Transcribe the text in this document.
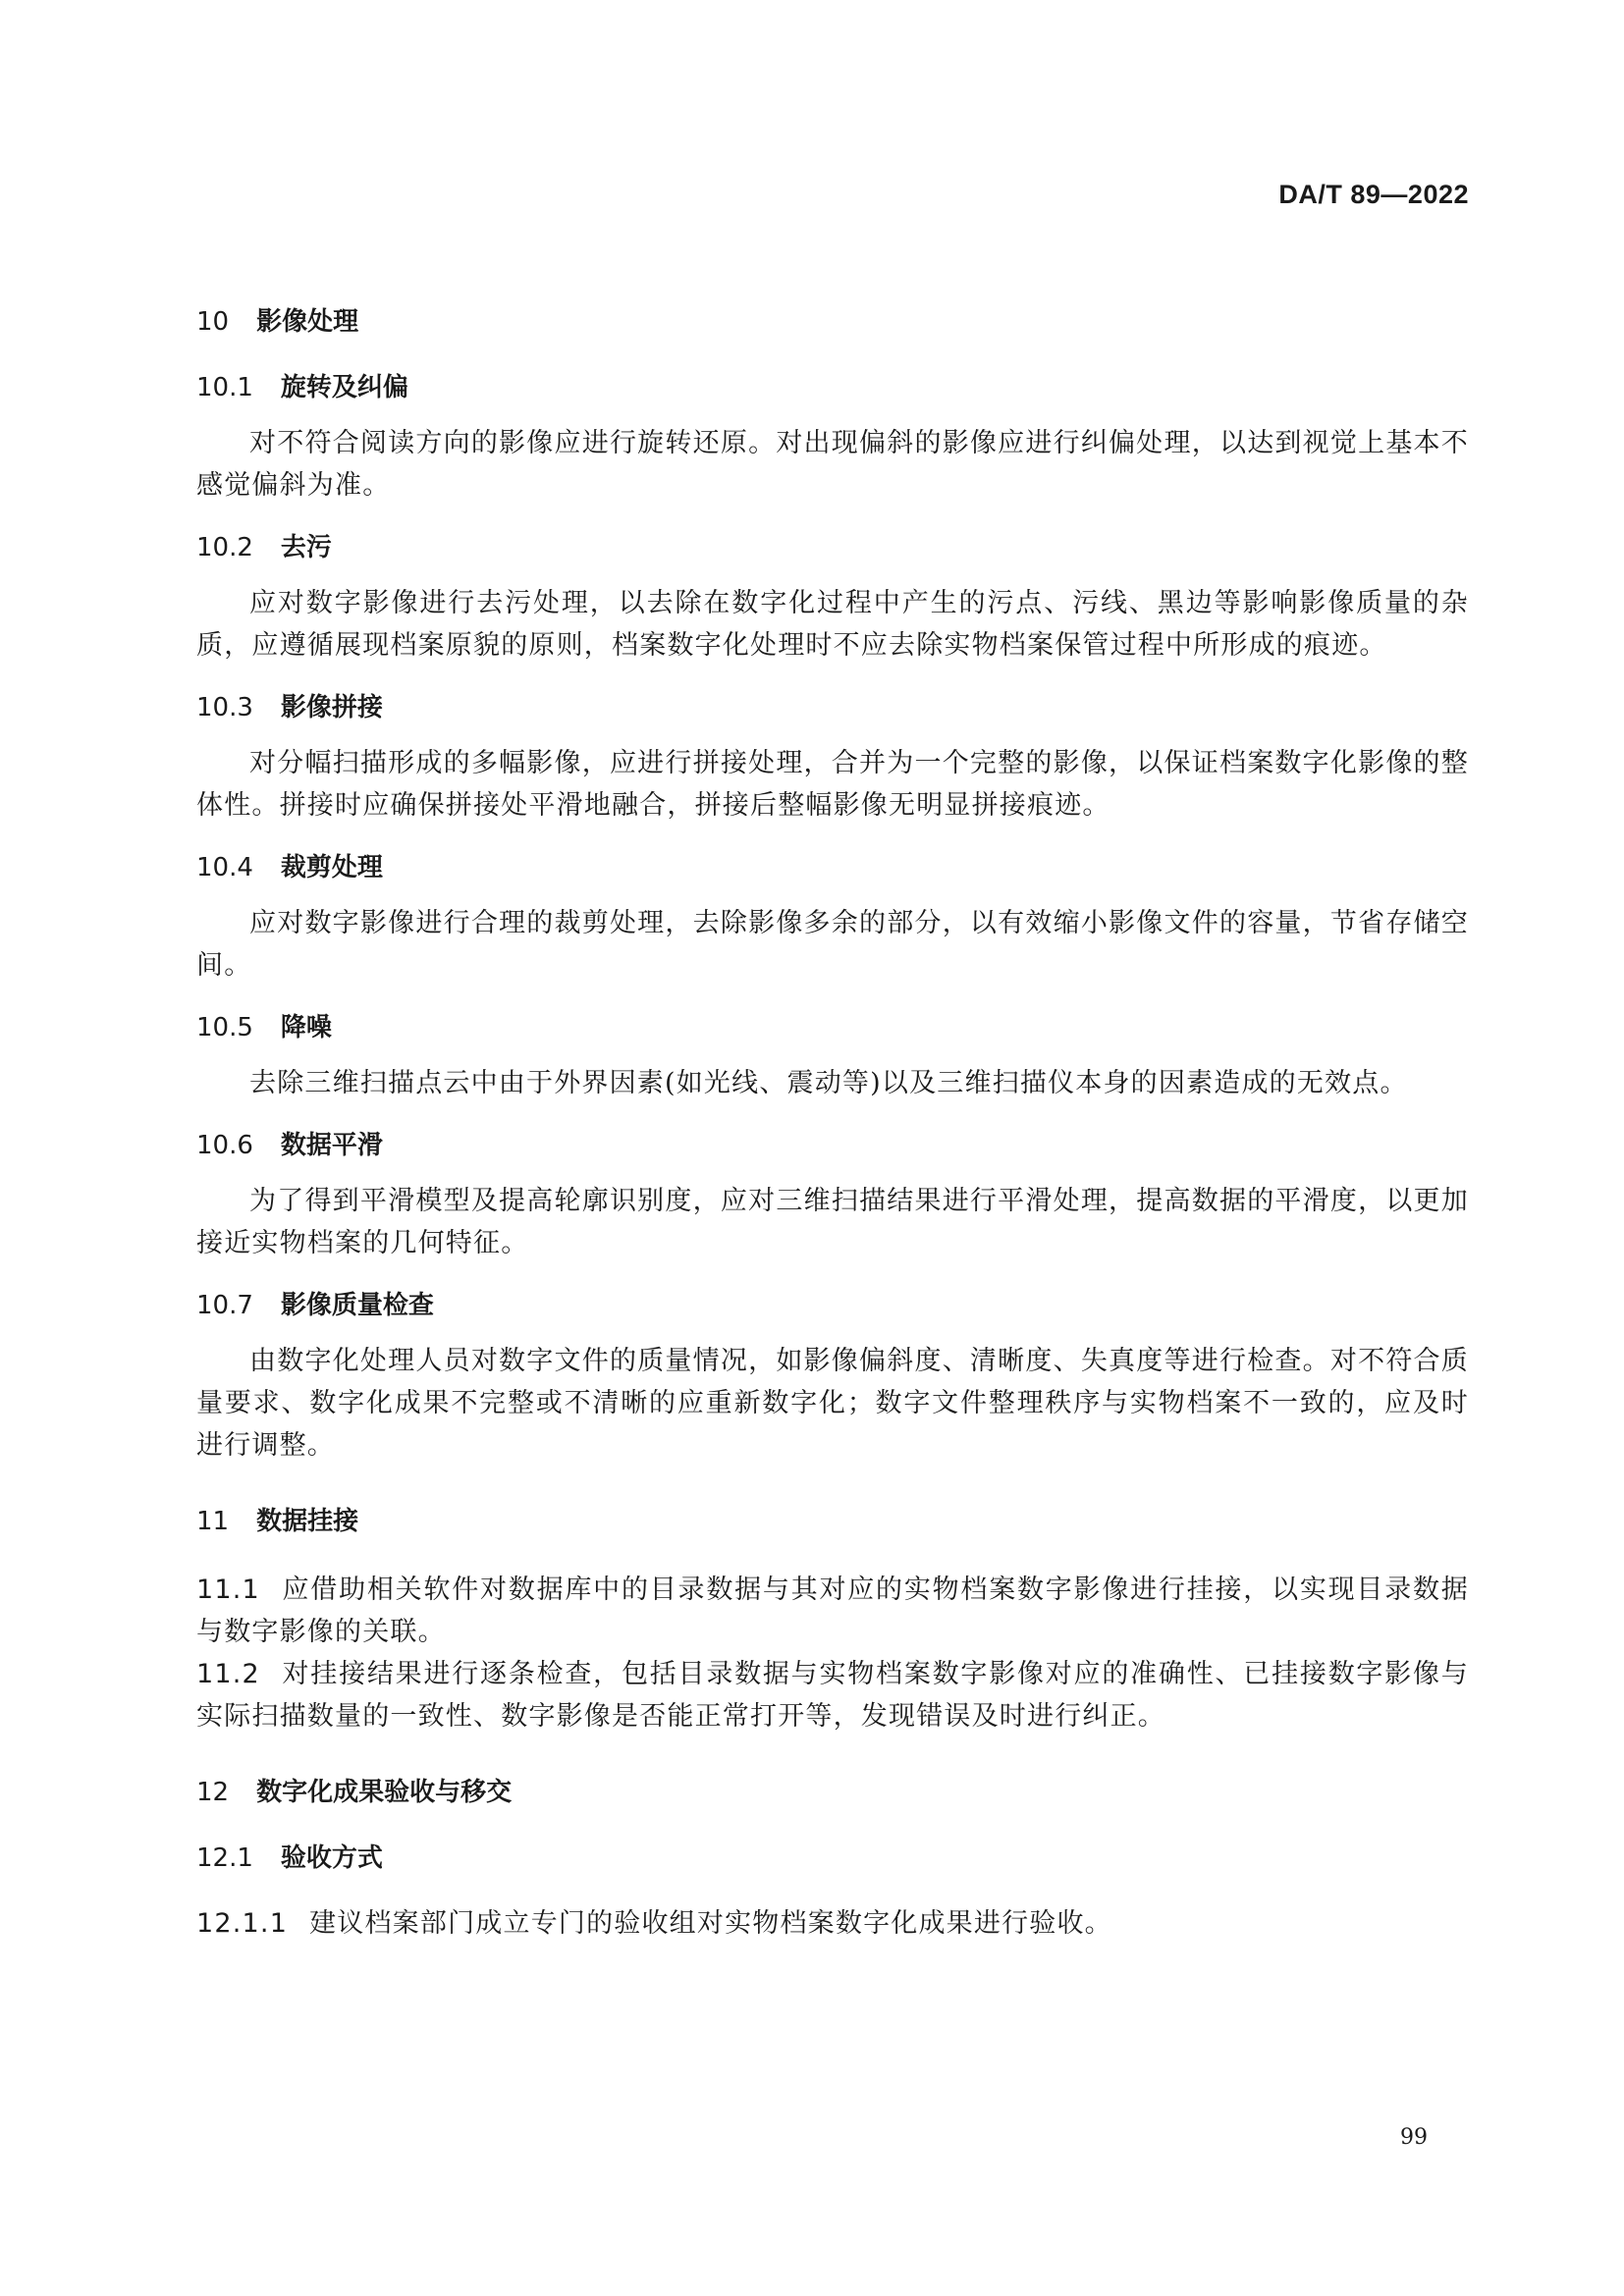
DA/T 89—2022
10 影像处理
10.1 旋转及纠偏

对不符合阅读方向的影像应进行旋转还原。对出现偏斜的影像应进行纠偏处理，以达到视觉上基本不感觉偏斜为准。

10.2 去污

应对数字影像进行去污处理，以去除在数字化过程中产生的污点、污线、黑边等影响影像质量的杂质，应遵循展现档案原貌的原则，档案数字化处理时不应去除实物档案保管过程中所形成的痕迹。

10.3 影像拼接

对分幅扫描形成的多幅影像，应进行拼接处理，合并为一个完整的影像，以保证档案数字化影像的整体性。拼接时应确保拼接处平滑地融合，拼接后整幅影像无明显拼接痕迹。

10.4 裁剪处理

应对数字影像进行合理的裁剪处理，去除影像多余的部分，以有效缩小影像文件的容量，节省存储空间。

10.5 降噪

去除三维扫描点云中由于外界因素(如光线、震动等)以及三维扫描仪本身的因素造成的无效点。

10.6 数据平滑

为了得到平滑模型及提高轮廓识别度，应对三维扫描结果进行平滑处理，提高数据的平滑度，以更加接近实物档案的几何特征。

10.7 影像质量检查

由数字化处理人员对数字文件的质量情况，如影像偏斜度、清晰度、失真度等进行检查。对不符合质量要求、数字化成果不完整或不清晰的应重新数字化；数字文件整理秩序与实物档案不一致的，应及时进行调整。

11 数据挂接

11.1 应借助相关软件对数据库中的目录数据与其对应的实物档案数字影像进行挂接，以实现目录数据与数字影像的关联。

11.2 对挂接结果进行逐条检查，包括目录数据与实物档案数字影像对应的准确性、已挂接数字影像与实际扫描数量的一致性、数字影像是否能正常打开等，发现错误及时进行纠正。

12 数字化成果验收与移交
12.1 验收方式

12.1.1 建议档案部门成立专门的验收组对实物档案数字化成果进行验收。

99
